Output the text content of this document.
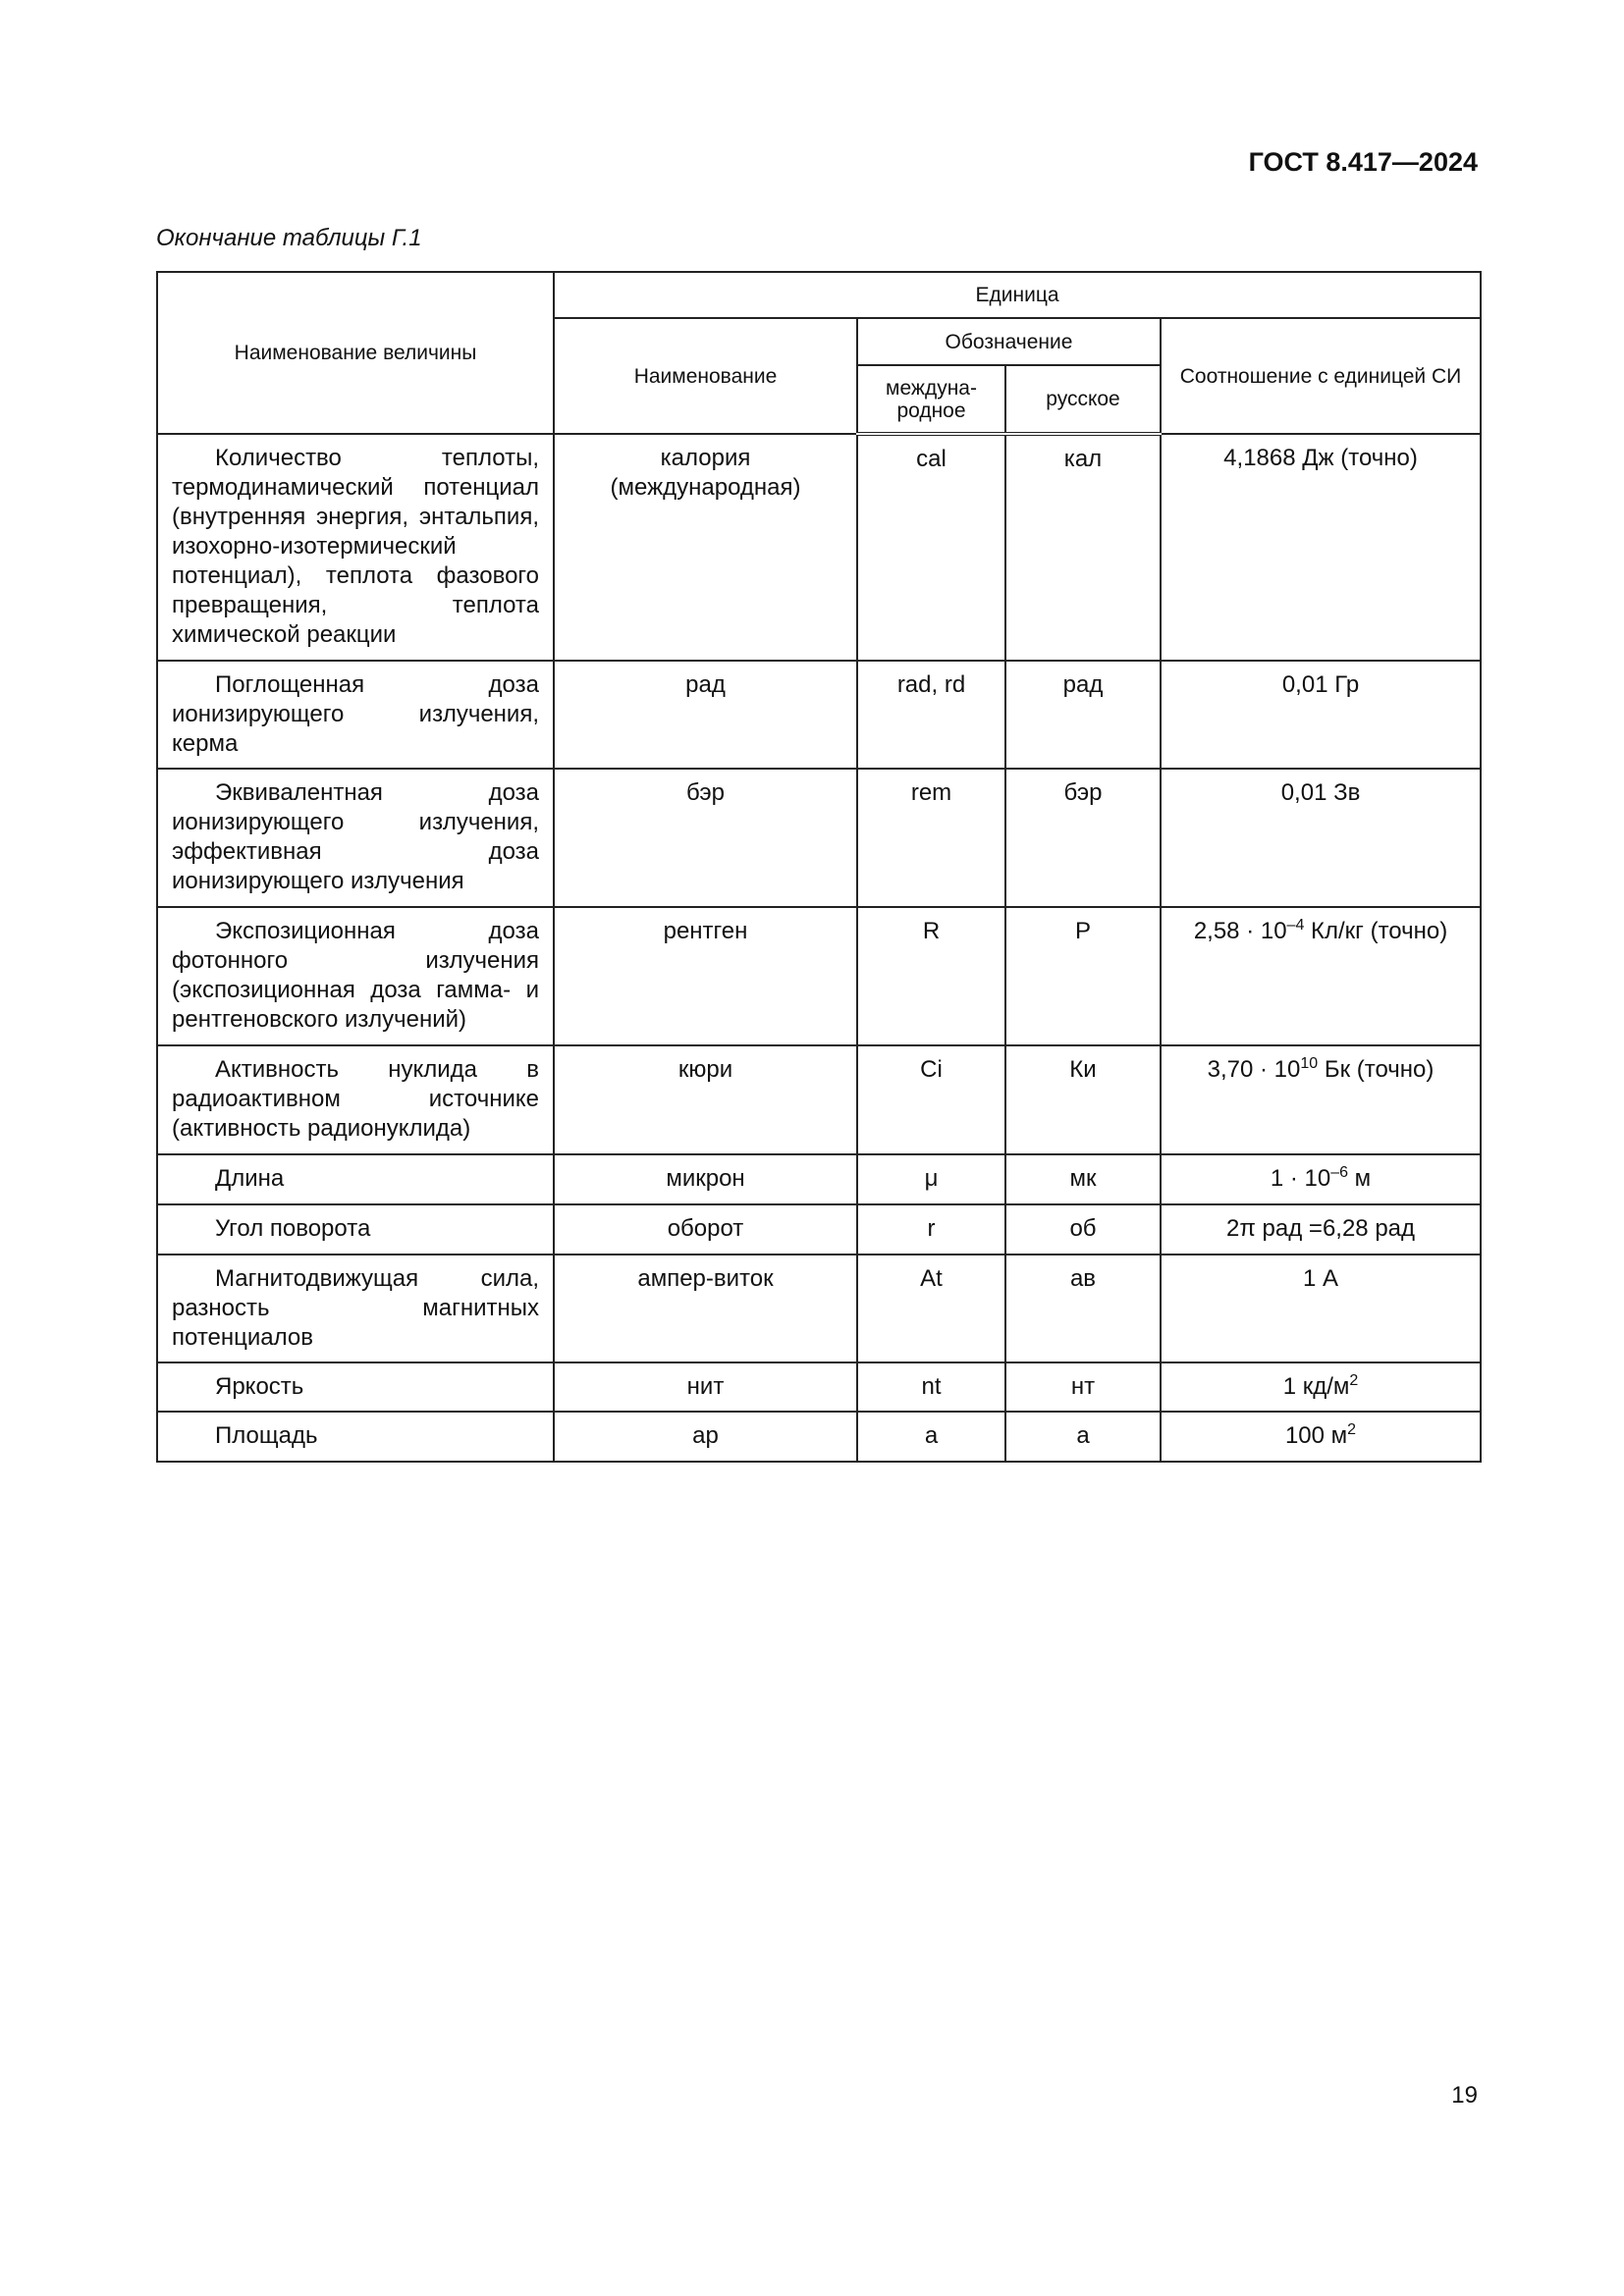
ГОСТ 8.417—2024
Окончание таблицы Г.1
Наименование величины	Единица			
	Наименование	Обозначение		Соотношение с единицей СИ
		междуна-родное	русское	
Количество теплоты, термодинамический потенциал (внутренняя энергия, энтальпия, изохорно-изотермический потенциал), теплота фазового превращения, теплота химической реакции	калория (международная)	cal	кал	4,1868 Дж (точно)
Поглощенная доза ионизирующего излучения, керма	рад	rad, rd	рад	0,01 Гр
Эквивалентная доза ионизирующего излучения, эффективная доза ионизирующего излучения	бэр	rem	бэр	0,01 Зв
Экспозиционная доза фотонного излучения (экспозиционная доза гамма- и рентгеновского излучений)	рентген	R	Р	$2,58 \cdot 10^{-4}$ Кл/кг (точно)
Активность нуклида в радиоактивном источнике (активность радионуклида)	кюри	Ci	Ки	$3,70 \cdot 10^{10}$ Бк (точно)
Длина	микрон	μ	мк	$1 \cdot 10^{-6}$ м
Угол поворота	оборот	r	об	2π рад =6,28 рад
Магнитодвижущая сила, разность магнитных потенциалов	ампер-виток	At	ав	1 А
Яркость	нит	nt	нт	1 $кд/м^2$
Площадь	ар	а	а	100 $м^2$
19
